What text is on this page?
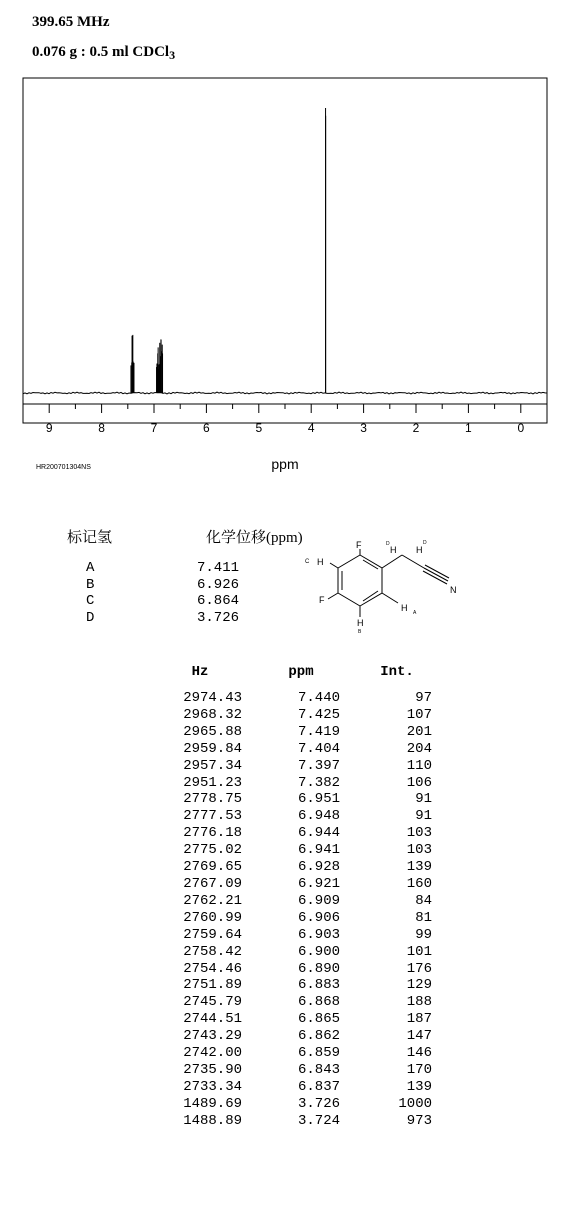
399.65 MHz
0.076 g : 0.5 ml CDCl$_3$
9	8	7	6	5	4	3	2	1	0
HR200701304NS	ppm
标记氢	化学位移(ppm)
A	7.411
B	6.926
C	6.864
D	3.726
F	H H
D	D
C H
N
F
H A
H
B
Hz	ppm	Int.
2974.43	7.440	97
2968.32	7.425	107
2965.88	7.419	201
2959.84	7.404	204
2957.34	7.397	110
2951.23	7.382	106
2778.75	6.951	91
2777.53	6.948	91
2776.18	6.944	103
2775.02	6.941	103
2769.65	6.928	139
2767.09	6.921	160
2762.21	6.909	84
2760.99	6.906	81
2759.64	6.903	99
2758.42	6.900	101
2754.46	6.890	176
2751.89	6.883	129
2745.79	6.868	188
2744.51	6.865	187
2743.29	6.862	147
2742.00	6.859	146
2735.90	6.843	170
2733.34	6.837	139
1489.69	3.726	1000
1488.89	3.724	973
